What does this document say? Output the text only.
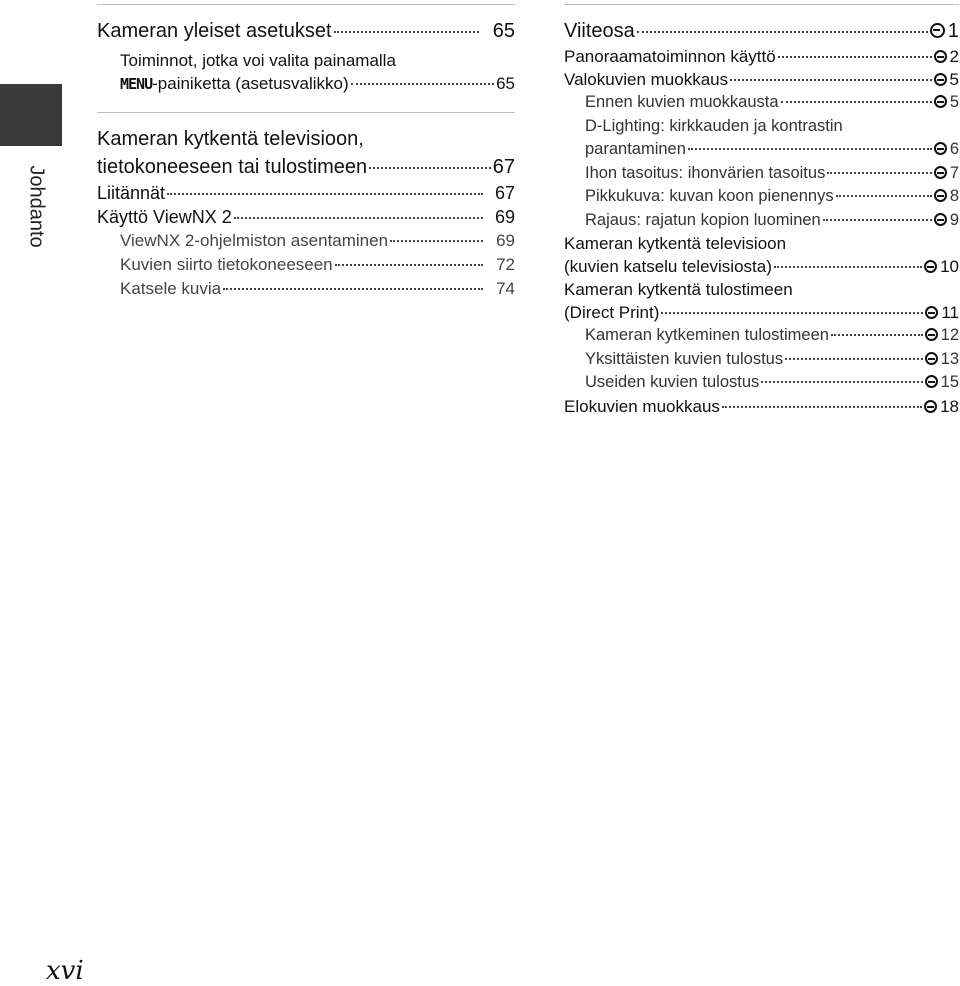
Johdanto
Kameran yleiset asetukset	65
Toiminnot, jotka voi valita painamalla
MENU-painiketta (asetusvalikko)	65
Kameran kytkentä televisioon,
tietokoneeseen tai tulostimeen	67
Liitännät	67
Käyttö ViewNX 2	69
ViewNX 2-ohjelmiston asentaminen	69
Kuvien siirto tietokoneeseen	72
Katsele kuvia	74
Viiteosa	1
Panoraamatoiminnon käyttö	2
Valokuvien muokkaus	5
Ennen kuvien muokkausta	5
D-Lighting: kirkkauden ja kontrastin
parantaminen	6
Ihon tasoitus: ihonvärien tasoitus	7
Pikkukuva: kuvan koon pienennys	8
Rajaus: rajatun kopion luominen	9
Kameran kytkentä televisioon
(kuvien katselu televisiosta)	10
Kameran kytkentä tulostimeen
(Direct Print)	11
Kameran kytkeminen tulostimeen	12
Yksittäisten kuvien tulostus	13
Useiden kuvien tulostus	15
Elokuvien muokkaus	18
xvi
